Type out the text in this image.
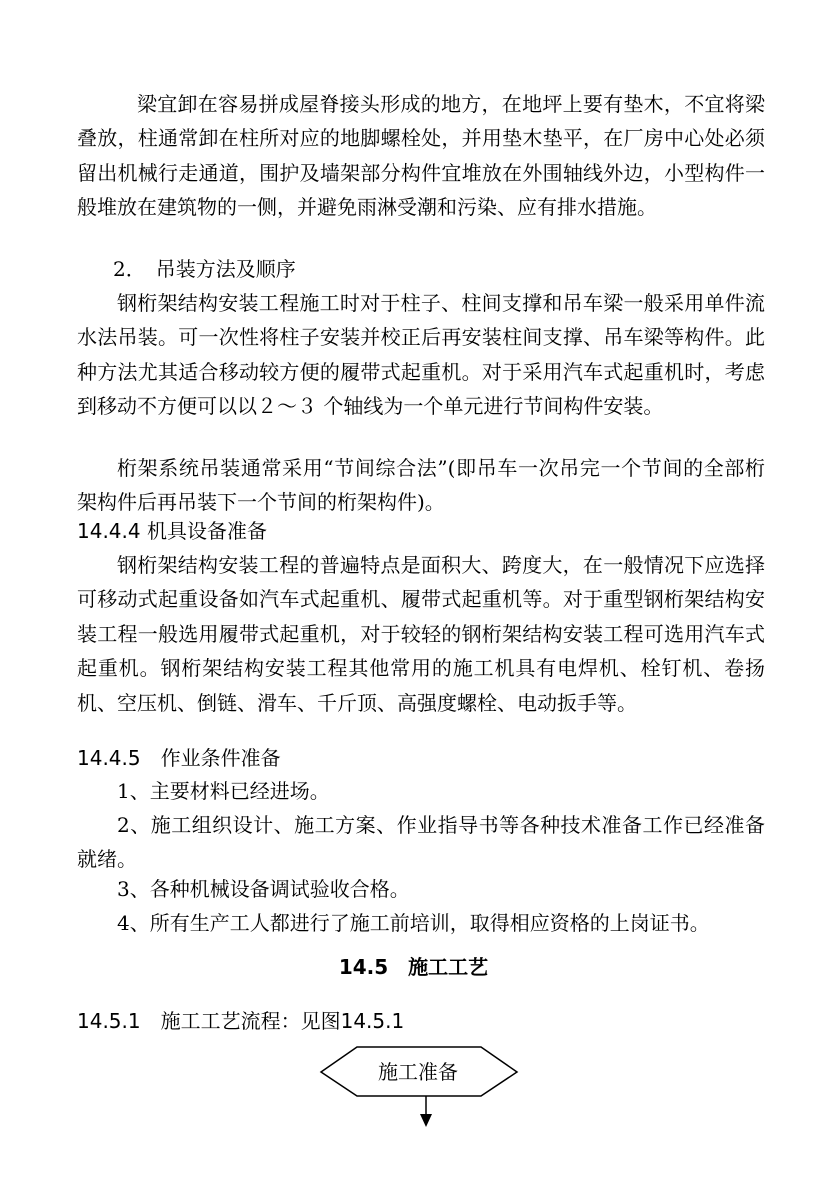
梁宜卸在容易拼成屋脊接头形成的地方，在地坪上要有垫木，不宜将梁叠放，柱通常卸在柱所对应的地脚螺栓处，并用垫木垫平，在厂房中心处必须留出机械行走通道，围护及墙架部分构件宜堆放在外围轴线外边，小型构件一般堆放在建筑物的一侧，并避免雨淋受潮和污染、应有排水措施。

2．　吊装方法及顺序

钢桁架结构安装工程施工时对于柱子、柱间支撑和吊车梁一般采用单件流水法吊装。可一次性将柱子安装并校正后再安装柱间支撑、吊车梁等构件。此种方法尤其适合移动较方便的履带式起重机。对于采用汽车式起重机时，考虑到移动不方便可以以２～３ 个轴线为一个单元进行节间构件安装。

桁架系统吊装通常采用“节间综合法”(即吊车一次吊完一个节间的全部桁架构件后再吊装下一个节间的桁架构件)。

14.4.4 机具设备准备

钢桁架结构安装工程的普遍特点是面积大、跨度大，在一般情况下应选择可移动式起重设备如汽车式起重机、履带式起重机等。对于重型钢桁架结构安装工程一般选用履带式起重机，对于较轻的钢桁架结构安装工程可选用汽车式起重机。钢桁架结构安装工程其他常用的施工机具有电焊机、栓钉机、卷扬机、空压机、倒链、滑车、千斤顶、高强度螺栓、电动扳手等。

14.4.5　作业条件准备

1、主要材料已经进场。

2、施工组织设计、施工方案、作业指导书等各种技术准备工作已经准备就绪。

3、各种机械设备调试验收合格。

4、所有生产工人都进行了施工前培训，取得相应资格的上岗证书。

14.5　施工工艺

14.5.1　施工工艺流程：见图14.5.1

施工准备
